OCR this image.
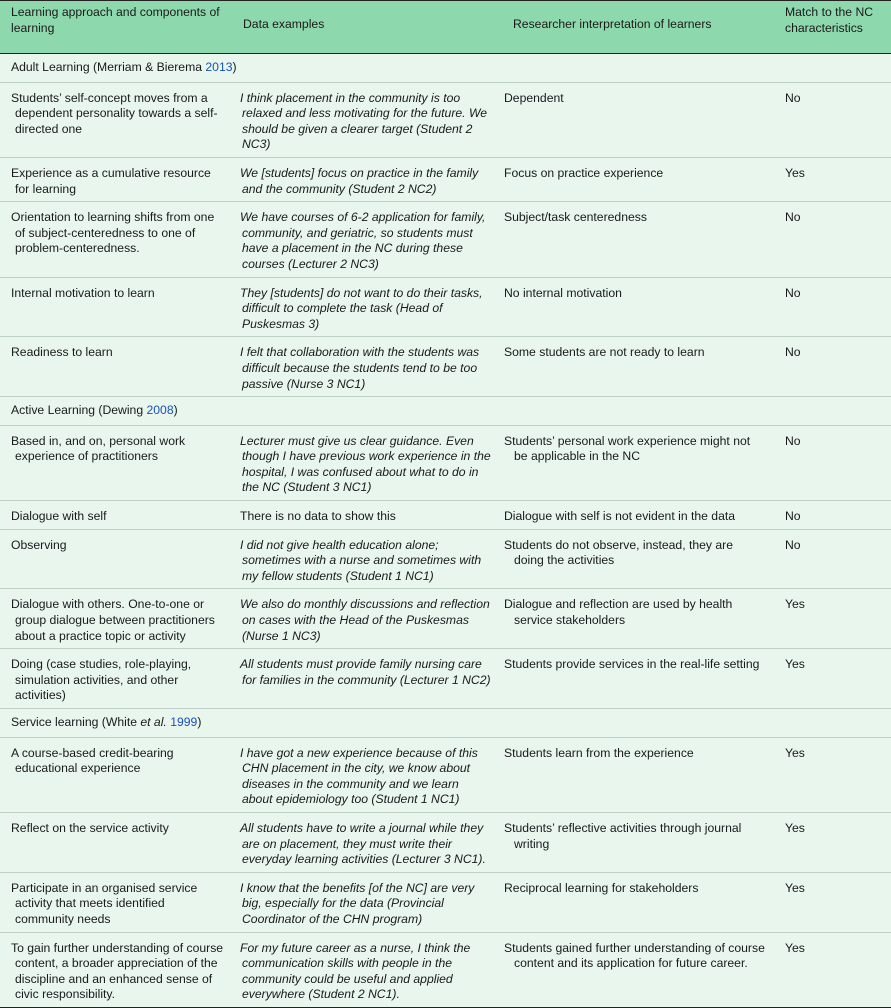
Learning approach and components of learning	Data examples	Researcher interpretation of learners	Match to the NC characteristics
Adult Learning (Merriam & Bierema 2013)			
Students’ self-concept moves from a dependent personality towards a self-directed one	I think placement in the community is too relaxed and less motivating for the future. We should be given a clearer target (Student 2 NC3)	Dependent	No
Experience as a cumulative resource for learning	We [students] focus on practice in the family and the community (Student 2 NC2)	Focus on practice experience	Yes
Orientation to learning shifts from one of subject-centeredness to one of problem-centeredness.	We have courses of 6-2 application for family, community, and geriatric, so students must have a placement in the NC during these courses (Lecturer 2 NC3)	Subject/task centeredness	No
Internal motivation to learn	They [students] do not want to do their tasks, difficult to complete the task (Head of Puskesmas 3)	No internal motivation	No
Readiness to learn	I felt that collaboration with the students was difficult because the students tend to be too passive (Nurse 3 NC1)	Some students are not ready to learn	No
Active Learning (Dewing 2008)			
Based in, and on, personal work experience of practitioners	Lecturer must give us clear guidance. Even though I have previous work experience in the hospital, I was confused about what to do in the NC (Student 3 NC1)	Students’ personal work experience might not be applicable in the NC	No
Dialogue with self	There is no data to show this	Dialogue with self is not evident in the data	No
Observing	I did not give health education alone; sometimes with a nurse and sometimes with my fellow students (Student 1 NC1)	Students do not observe, instead, they are doing the activities	No
Dialogue with others. One-to-one or group dialogue between practitioners about a practice topic or activity	We also do monthly discussions and reflection on cases with the Head of the Puskesmas (Nurse 1 NC3)	Dialogue and reflection are used by health service stakeholders	Yes
Doing (case studies, role-playing, simulation activities, and other activities)	All students must provide family nursing care for families in the community (Lecturer 1 NC2)	Students provide services in the real-life setting	Yes
Service learning (White et al. 1999)			
A course-based credit-bearing educational experience	I have got a new experience because of this CHN placement in the city, we know about diseases in the community and we learn about epidemiology too (Student 1 NC1)	Students learn from the experience	Yes
Reflect on the service activity	All students have to write a journal while they are on placement, they must write their everyday learning activities (Lecturer 3 NC1).	Students’ reflective activities through journal writing	Yes
Participate in an organised service activity that meets identified community needs	I know that the benefits [of the NC] are very big, especially for the data (Provincial Coordinator of the CHN program)	Reciprocal learning for stakeholders	Yes
To gain further understanding of course content, a broader appreciation of the discipline and an enhanced sense of civic responsibility.	For my future career as a nurse, I think the communication skills with people in the community could be useful and applied everywhere (Student 2 NC1).	Students gained further understanding of course content and its application for future career.	Yes
